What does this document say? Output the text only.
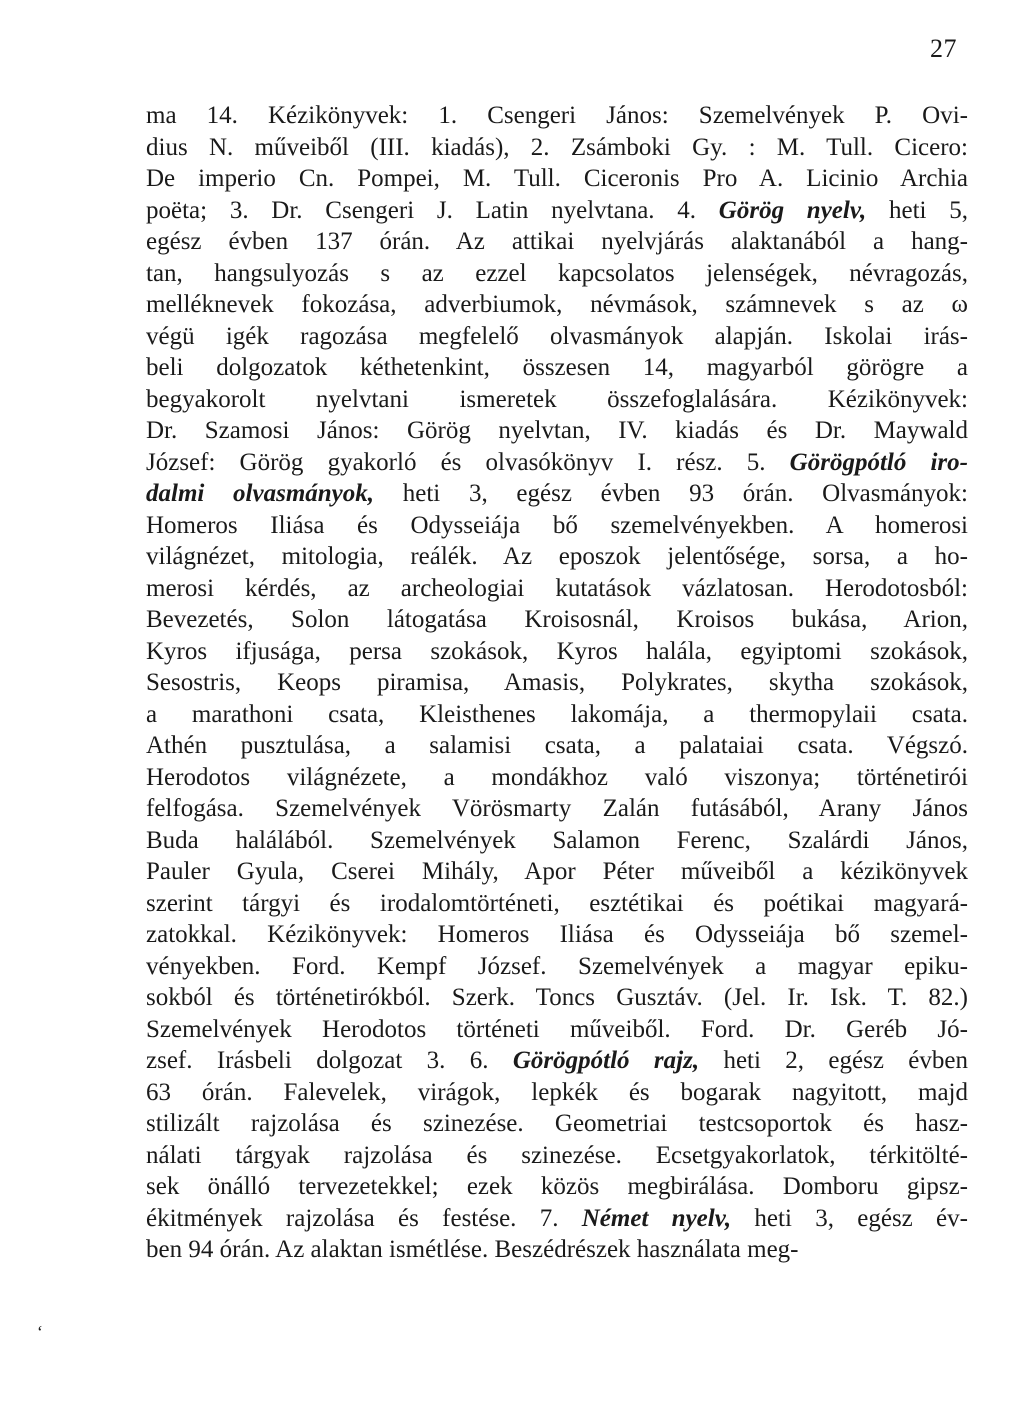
27
ma 14. Kézikönyvek: 1. Csengeri János: Szemelvények P. Ovi-
dius N. műveiből (III. kiadás), 2. Zsámboki Gy. : M. Tull. Cicero:
De imperio Cn. Pompei, M. Tull. Ciceronis Pro A. Licinio Archia
poëta; 3. Dr. Csengeri J. Latin nyelvtana. 4. Görög nyelv, heti 5,
egész évben 137 órán. Az attikai nyelvjárás alaktanából a hang-
tan, hangsulyozás s az ezzel kapcsolatos jelenségek, névragozás,
melléknevek fokozása, adverbiumok, névmások, számnevek s az ω
végü igék ragozása megfelelő olvasmányok alapján. Iskolai irás-
beli dolgozatok kéthetenkint, összesen 14, magyarból görögre a
begyakorolt nyelvtani ismeretek összefoglalására. Kézikönyvek:
Dr. Szamosi János: Görög nyelvtan, IV. kiadás és Dr. Maywald
József: Görög gyakorló és olvasókönyv I. rész. 5. Görögpótló iro-
dalmi olvasmányok, heti 3, egész évben 93 órán. Olvasmányok:
Homeros Iliása és Odysseiája bő szemelvényekben. A homerosi
világnézet, mitologia, reálék. Az eposzok jelentősége, sorsa, a ho-
merosi kérdés, az archeologiai kutatások vázlatosan. Herodotosból:
Bevezetés, Solon látogatása Kroisosnál, Kroisos bukása, Arion,
Kyros ifjusága, persa szokások, Kyros halála, egyiptomi szokások,
Sesostris, Keops piramisa, Amasis, Polykrates, skytha szokások,
a marathoni csata, Kleisthenes lakomája, a thermopylaii csata.
Athén pusztulása, a salamisi csata, a palataiai csata. Végszó.
Herodotos világnézete, a mondákhoz való viszonya; történetirói
felfogása. Szemelvények Vörösmarty Zalán futásából, Arany János
Buda halálából. Szemelvények Salamon Ferenc, Szalárdi János,
Pauler Gyula, Cserei Mihály, Apor Péter műveiből a kézikönyvek
szerint tárgyi és irodalomtörténeti, esztétikai és poétikai magyará-
zatokkal. Kézikönyvek: Homeros Iliása és Odysseiája bő szemel-
vényekben. Ford. Kempf József. Szemelvények a magyar epiku-
sokból és történetirókból. Szerk. Toncs Gusztáv. (Jel. Ir. Isk. T. 82.)
Szemelvények Herodotos történeti műveiből. Ford. Dr. Geréb Jó-
zsef. Irásbeli dolgozat 3. 6. Görögpótló rajz, heti 2, egész évben
63 órán. Falevelek, virágok, lepkék és bogarak nagyitott, majd
stilizált rajzolása és szinezése. Geometriai testcsoportok és hasz-
nálati tárgyak rajzolása és szinezése. Ecsetgyakorlatok, térkitölté-
sek önálló tervezetekkel; ezek közös megbirálása. Domboru gipsz-
ékitmények rajzolása és festése. 7. Német nyelv, heti 3, egész év-
ben 94 órán. Az alaktan ismétlése. Beszédrészek használata meg-
ʻ
